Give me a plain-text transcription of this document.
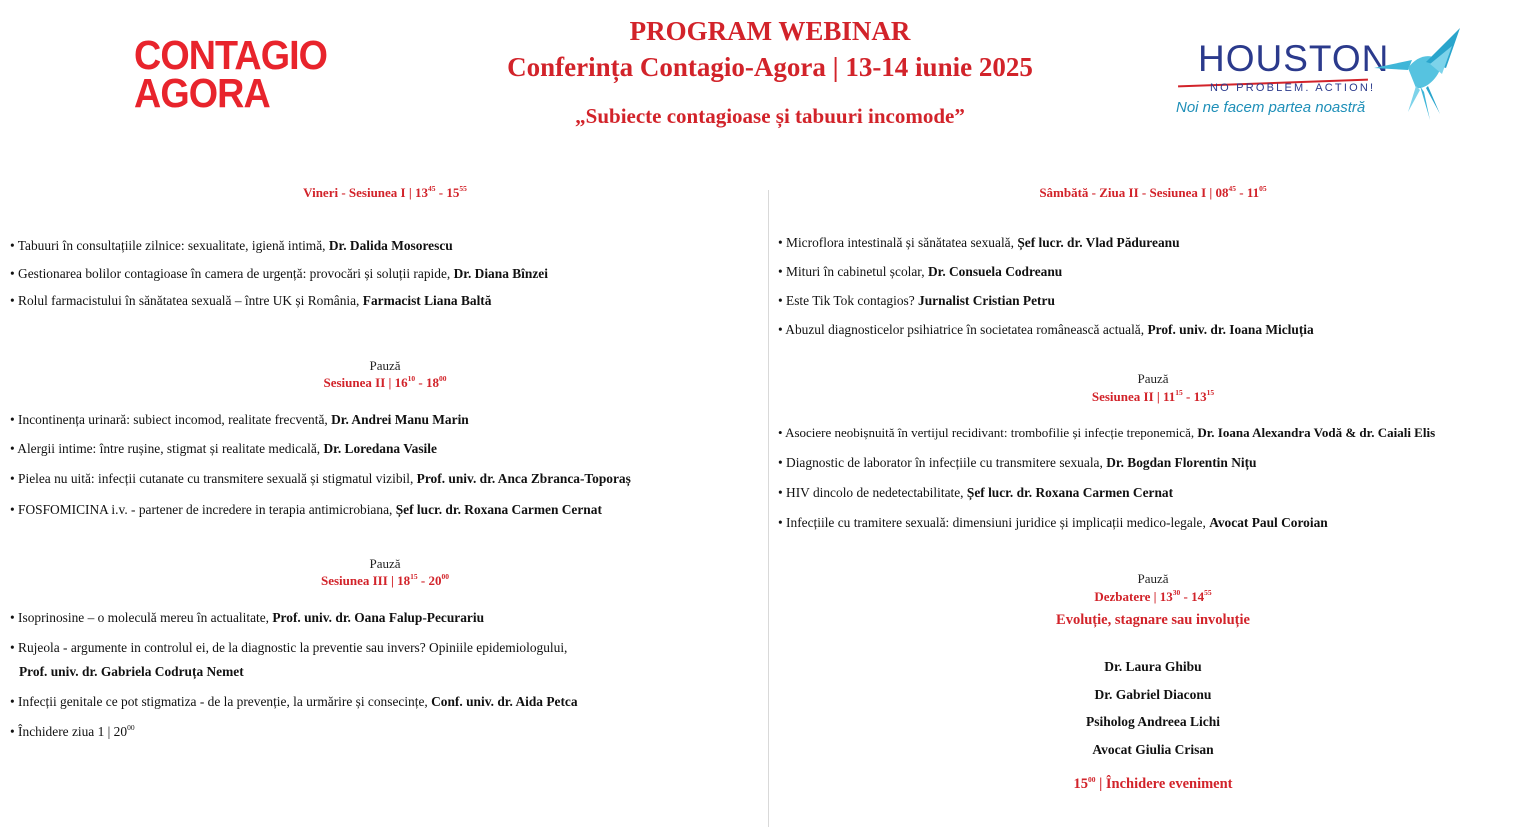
CONTAGIO
AGORA
PROGRAM WEBINAR
Conferința Contagio-Agora | 13-14 iunie 2025
„Subiecte contagioase și tabuuri incomode”
HOUSTON
NO PROBLEM. ACTION!
Noi ne facem partea noastră
Vineri - Sesiunea I | $13^{45} - 15^{55}$
• Tabuuri în consultațiile zilnice: sexualitate, igienă intimă, Dr. Dalida Mosorescu
• Gestionarea bolilor contagioase în camera de urgență: provocări și soluții rapide, Dr. Diana Bînzei
• Rolul farmacistului în sănătatea sexuală – între UK și România, Farmacist Liana Baltă
Pauză
Sesiunea II | $16^{10} - 18^{00}$
• Incontinența urinară: subiect incomod, realitate frecventă, Dr. Andrei Manu Marin
• Alergii intime: între rușine, stigmat și realitate medicală, Dr. Loredana Vasile
• Pielea nu uită: infecții cutanate cu transmitere sexuală și stigmatul vizibil, Prof. univ. dr. Anca Zbranca-Toporaș
• FOSFOMICINA i.v. - partener de incredere in terapia antimicrobiana, Șef lucr. dr. Roxana Carmen Cernat
Pauză
Sesiunea III | $18^{15} - 20^{00}$
• Isoprinosine – o moleculă mereu în actualitate, Prof. univ. dr. Oana Falup-Pecurariu
• Rujeola - argumente in controlul ei, de la diagnostic la preventie sau invers? Opiniile epidemiologului,
Prof. univ. dr. Gabriela Codruța Nemet
• Infecții genitale ce pot stigmatiza - de la prevenție, la urmărire și consecințe, Conf. univ. dr. Aida Petca
• Închidere ziua 1 | $20^{00}$
Sâmbătă - Ziua II - Sesiunea I | $08^{45} - 11^{05}$
• Microflora intestinală și sănătatea sexuală, Șef lucr. dr. Vlad Pădureanu
• Mituri în cabinetul școlar, Dr. Consuela Codreanu
• Este Tik Tok contagios? Jurnalist Cristian Petru
• Abuzul diagnosticelor psihiatrice în societatea românească actuală, Prof. univ. dr. Ioana Micluția
Pauză
Sesiunea II | $11^{15} - 13^{15}$
• Asociere neobișnuită în vertijul recidivant: trombofilie și infecție treponemică, Dr. Ioana Alexandra Vodă & dr. Caiali Elis
• Diagnostic de laborator în infecțiile cu transmitere sexuala, Dr. Bogdan Florentin Nițu
• HIV dincolo de nedetectabilitate, Șef lucr. dr. Roxana Carmen Cernat
• Infecțiile cu tramitere sexuală: dimensiuni juridice și implicații medico-legale, Avocat Paul Coroian
Pauză
Dezbatere | $13^{30} - 14^{55}$
Evoluție, stagnare sau involuție
Dr. Laura Ghibu
Dr. Gabriel Diaconu
Psiholog Andreea Lichi
Avocat Giulia Crisan
$15^{00}$ | Închidere eveniment
